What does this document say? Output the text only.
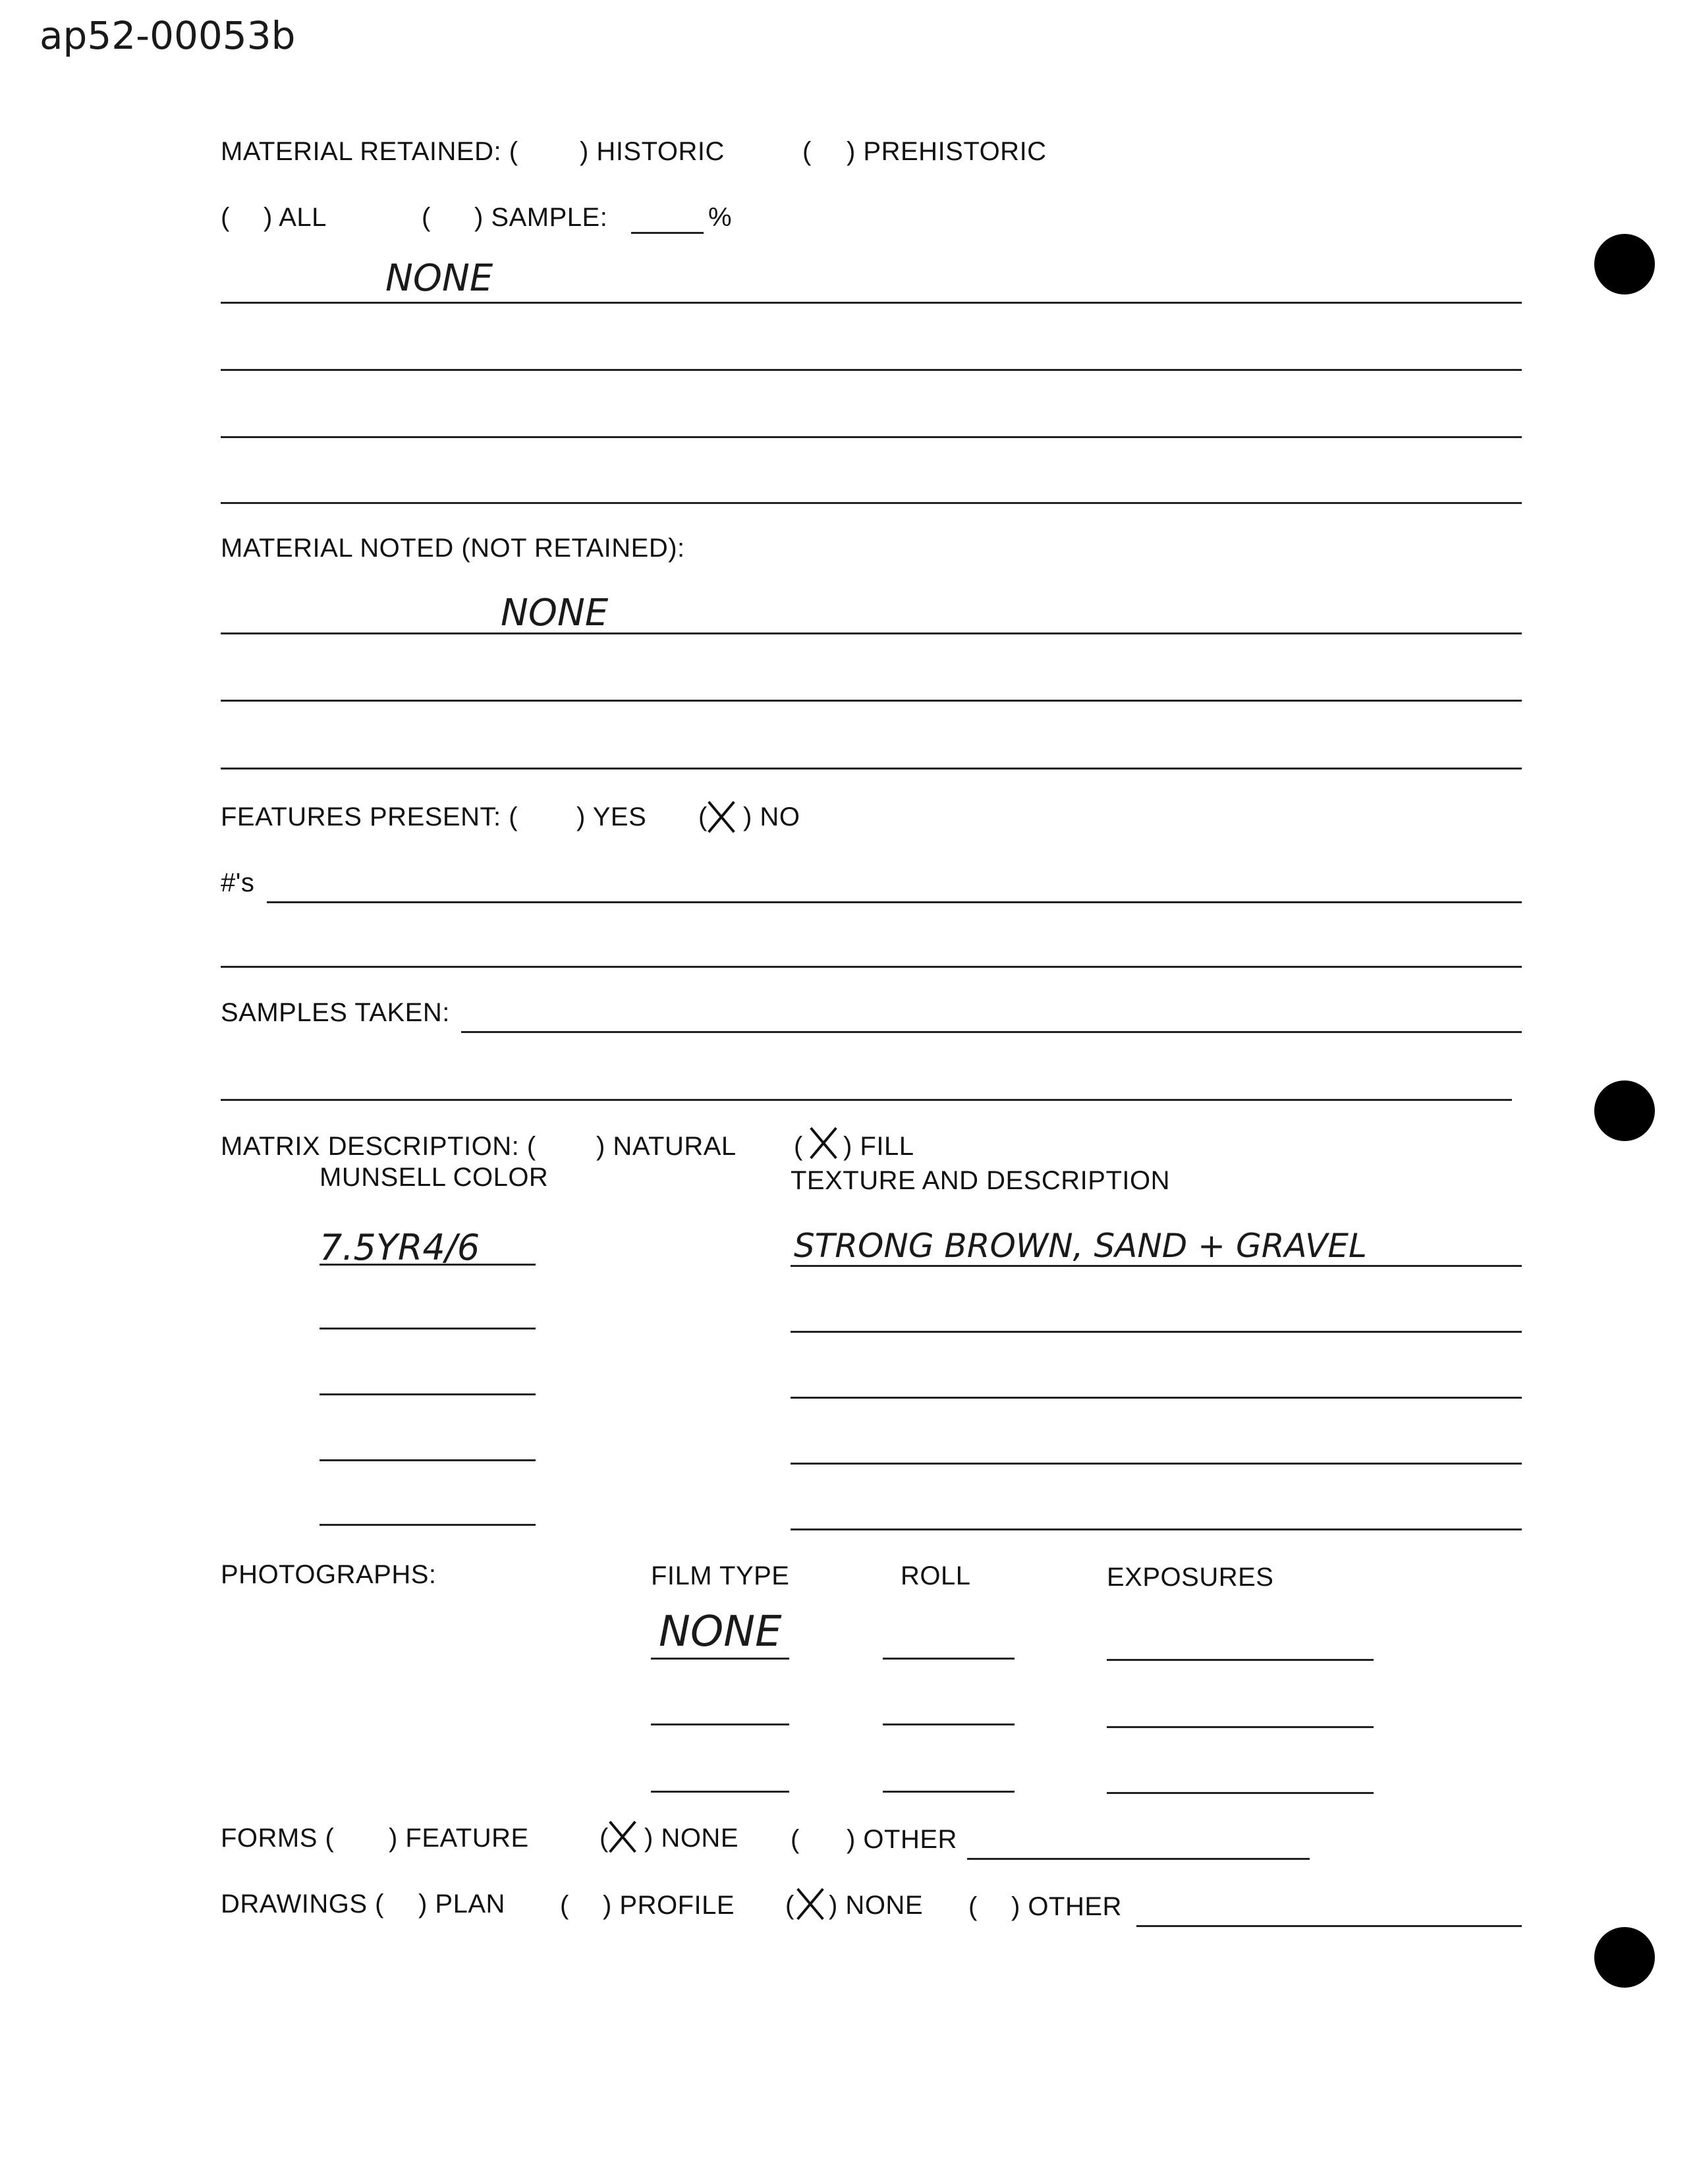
ap52-00053b
MATERIAL RETAINED: ( ) HISTORIC	( ) PREHISTORIC
( ) ALL	( ) SAMPLE:	%
NONE
MATERIAL NOTED (NOT RETAINED):
NONE
FEATURES PRESENT: ( ) YES ( ) NO
#'s
SAMPLES TAKEN:
MATRIX DESCRIPTION: ( ) NATURAL ( ) FILL
MUNSELL COLOR	TEXTURE AND DESCRIPTION
7.5YR4/6	STRONG BROWN, SAND + GRAVEL
PHOTOGRAPHS:	FILM TYPE	ROLL	EXPOSURES
NONE
FORMS ( ) FEATURE	( ) NONE ( ) OTHER
DRAWINGS ( ) PLAN ( ) PROFILE ( ) NONE ( ) OTHER
